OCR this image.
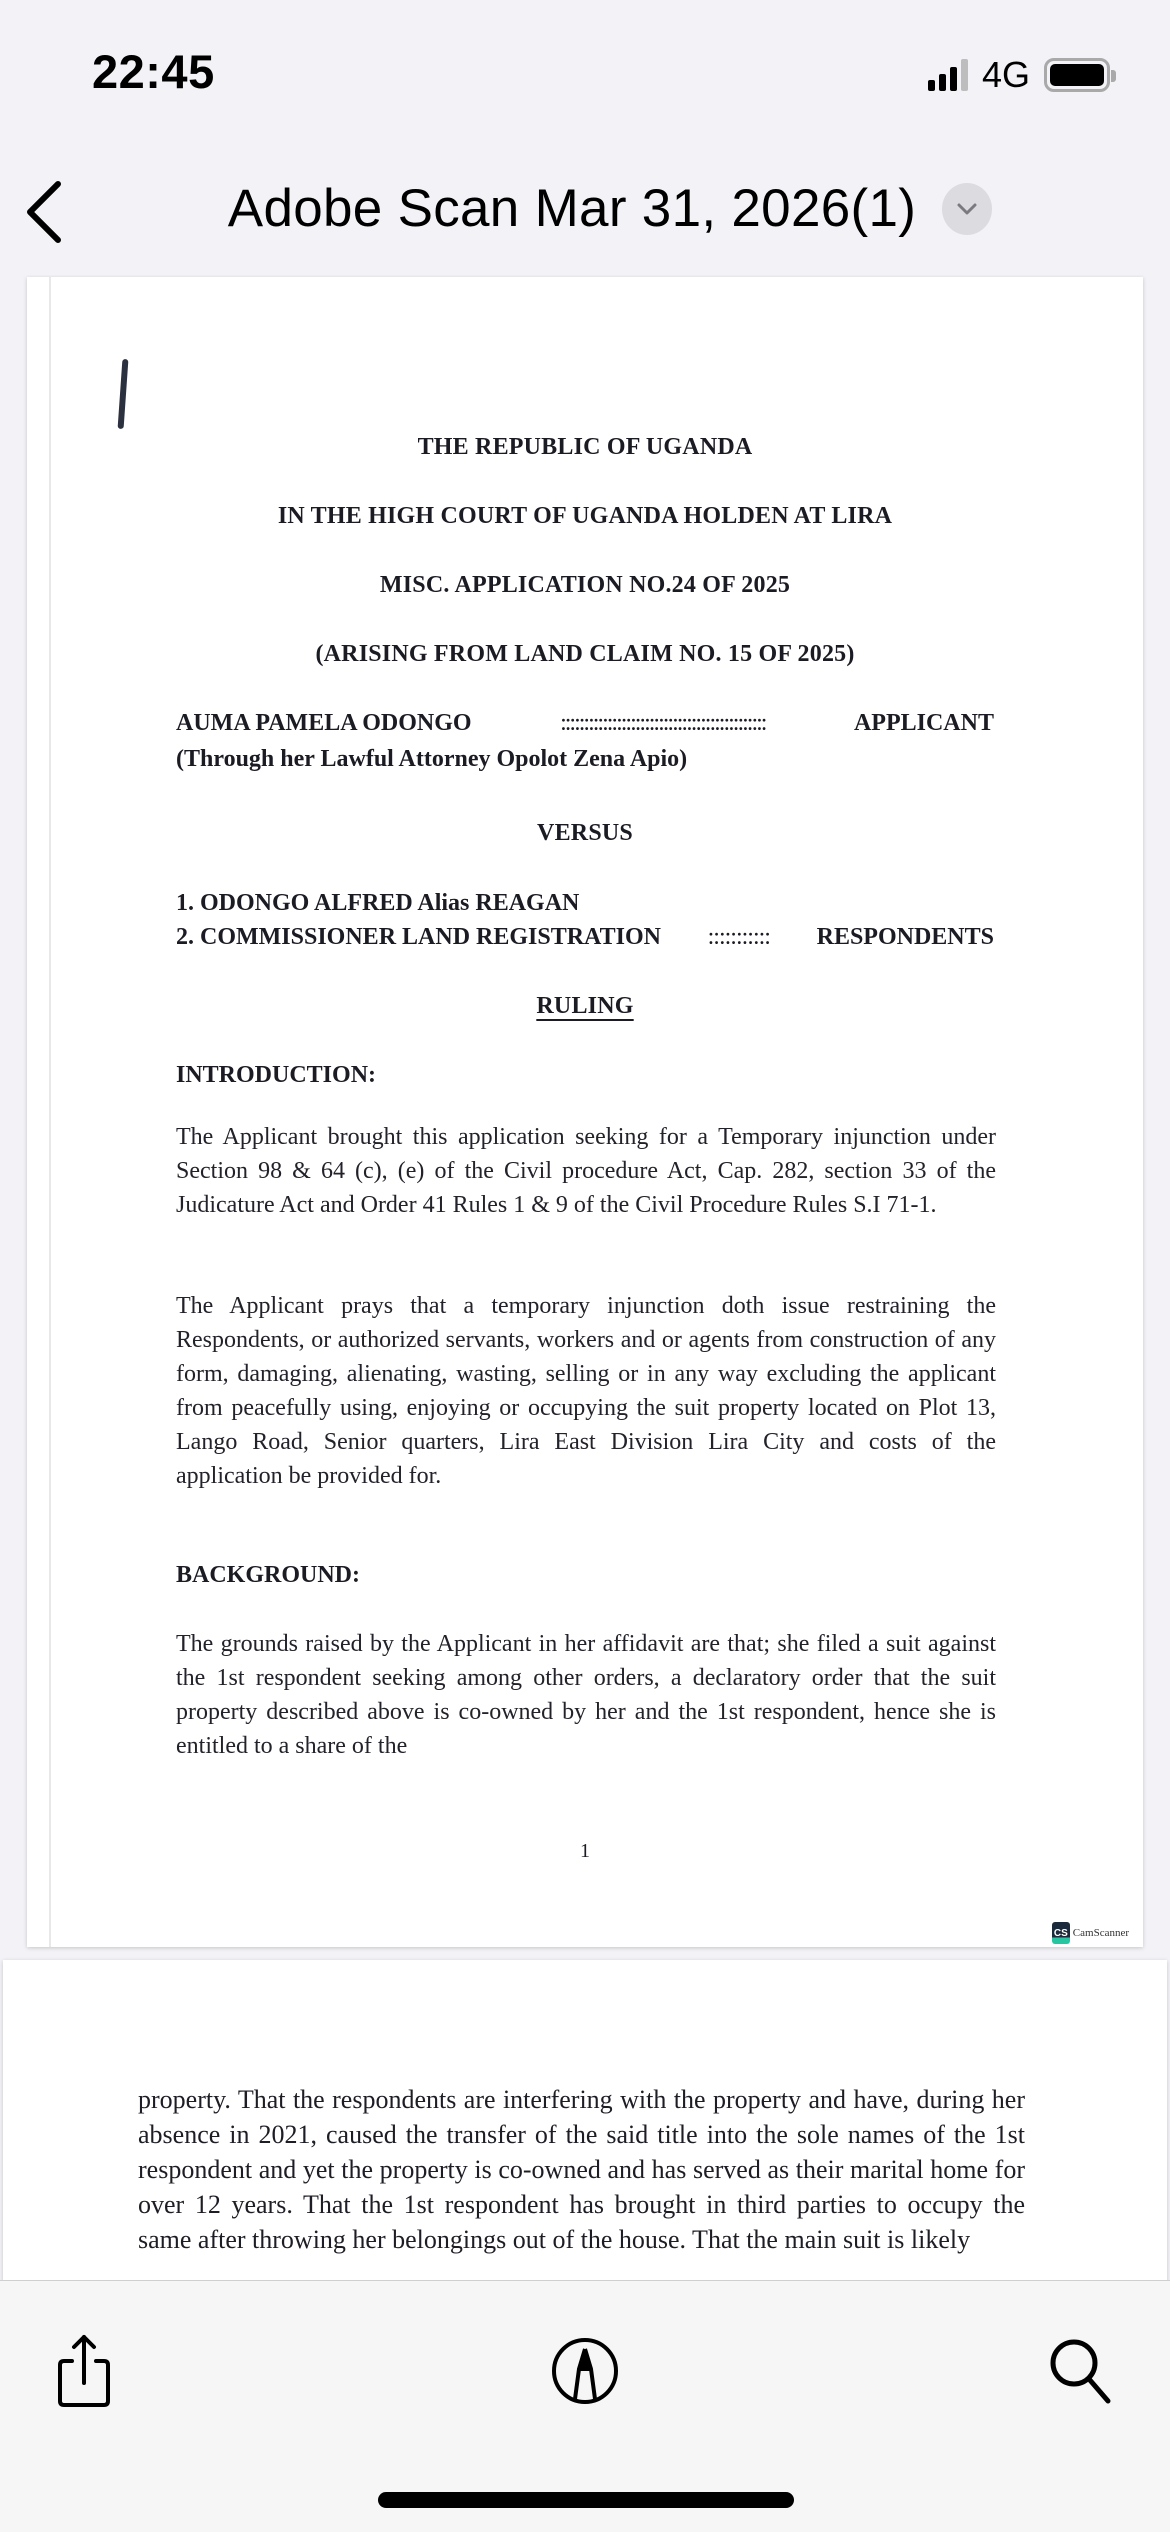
22:45	4G
Adobe Scan Mar 31, 2026(1)
THE REPUBLIC OF UGANDA
IN THE HIGH COURT OF UGANDA HOLDEN AT LIRA
MISC. APPLICATION NO.24 OF 2025
(ARISING FROM LAND CLAIM NO. 15 OF 2025)
AUMA PAMELA ODONGO	::::::::::::::::::::::::::::::::::::::::::::	APPLICANT
(Through her Lawful Attorney Opolot Zena Apio)
VERSUS
1. ODONGO ALFRED Alias REAGAN
2. COMMISSIONER LAND REGISTRATION ::::::::::: RESPONDENTS
RULING
INTRODUCTION:
The Applicant brought this application seeking for a Temporary injunction under Section 98 & 64 (c), (e) of the Civil procedure Act, Cap. 282, section 33 of the Judicature Act and Order 41 Rules 1 & 9 of the Civil Procedure Rules S.I 71-1.
The Applicant prays that a temporary injunction doth issue restraining the Respondents, or authorized servants, workers and or agents from construction of any form, damaging, alienating, wasting, selling or in any way excluding the applicant from peacefully using, enjoying or occupying the suit property located on Plot 13, Lango Road, Senior quarters, Lira East Division Lira City and costs of the application be provided for.
BACKGROUND:
The grounds raised by the Applicant in her affidavit are that; she filed a suit against the 1st respondent seeking among other orders, a declaratory order that the suit property described above is co-owned by her and the 1st respondent, hence she is entitled to a share of the
1
CS CamScanner
property. That the respondents are interfering with the property and have, during her absence in 2021, caused the transfer of the said title into the sole names of the 1st respondent and yet the property is co-owned and has served as their marital home for over 12 years. That the 1st respondent has brought in third parties to occupy the same after throwing her belongings out of the house. That the main suit is likely
